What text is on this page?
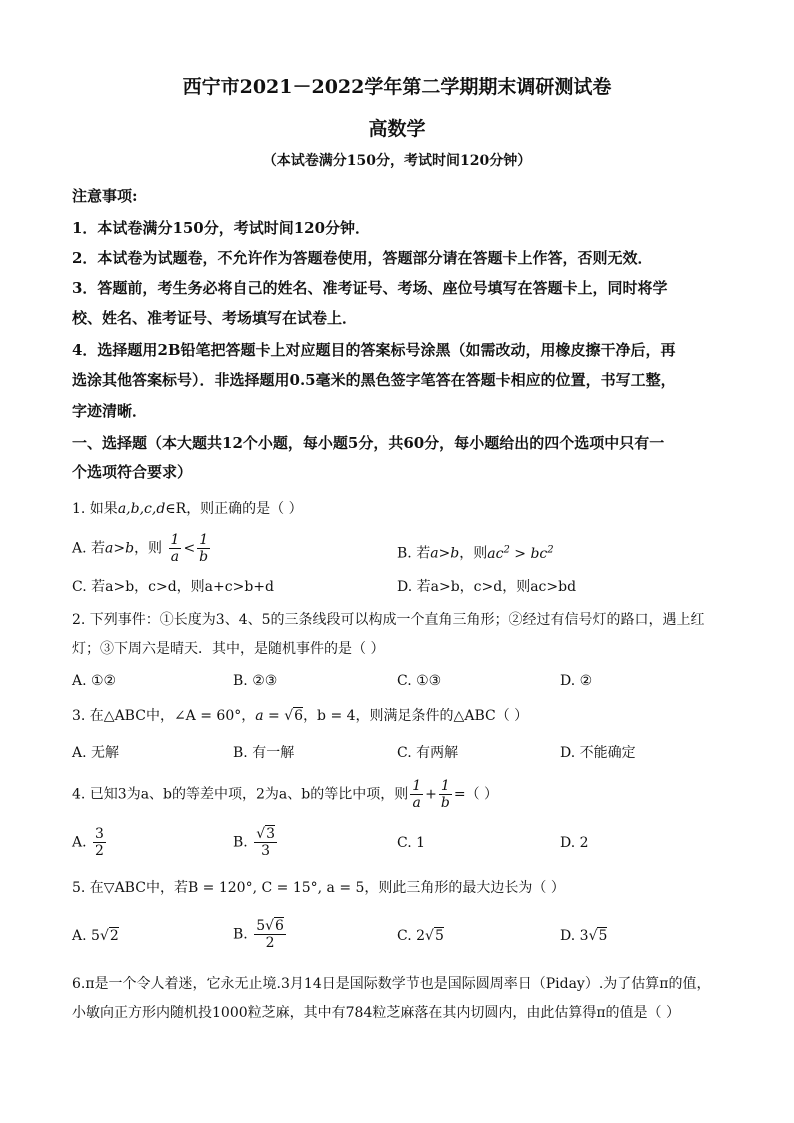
西宁市2021－2022学年第二学期期末调研测试卷
高数学
（本试卷满分150分，考试时间120分钟）
注意事项:
1．本试卷满分150分，考试时间120分钟．
2．本试卷为试题卷，不允许作为答题卷使用，答题部分请在答题卡上作答，否则无效．
3．答题前，考生务必将自己的姓名、准考证号、考场、座位号填写在答题卡上，同时将学
校、姓名、准考证号、考场填写在试卷上．
4．选择题用2B铅笔把答题卡上对应题目的答案标号涂黑（如需改动，用橡皮擦干净后，再
选涂其他答案标号）．非选择题用0.5毫米的黑色签字笔答在答题卡相应的位置，书写工整，
字迹清晰．
一、选择题（本大题共12个小题，每小题5分，共60分，每小题给出的四个选项中只有一
个选项符合要求）
1. 如果a,b,c,d∈R，则正确的是（ ）
A. 若a>b，则 $\frac{1}{a} < \frac{1}{b}$	B. 若a>b，则$ac^2 > bc^2$
C. 若a>b，c>d，则a+c>b+d	D. 若a>b，c>d，则ac>bd
2. 下列事件：①长度为3、4、5的三条线段可以构成一个直角三角形；②经过有信号灯的路口，遇上红
灯；③下周六是晴天．其中，是随机事件的是（ ）
A. ①②	B. ②③	C. ①③	D. ②
3. 在△ABC中，∠A = 60°，a = √6，b = 4，则满足条件的△ABC（ ）
A. 无解	B. 有一解	C. 有两解	D. 不能确定
4. 已知3为a、b的等差中项，2为a、b的等比中项，则 $\frac{1}{a} + \frac{1}{b}$ =（ ）
A. $\frac{3}{2}$	B. $\frac{√3}{3}$	C. 1	D. 2
5. 在▽ABC中，若B = 120°, C = 15°, a = 5，则此三角形的最大边长为（ ）
A. 5√2	B. $\frac{5√6}{2}$	C. 2√5	D. 3√5
6.π是一个令人着迷，它永无止境.3月14日是国际数学节也是国际圆周率日（Piday）.为了估算π的值，
小敏向正方形内随机投1000粒芝麻，其中有784粒芝麻落在其内切圆内，由此估算得π的值是（ ）
